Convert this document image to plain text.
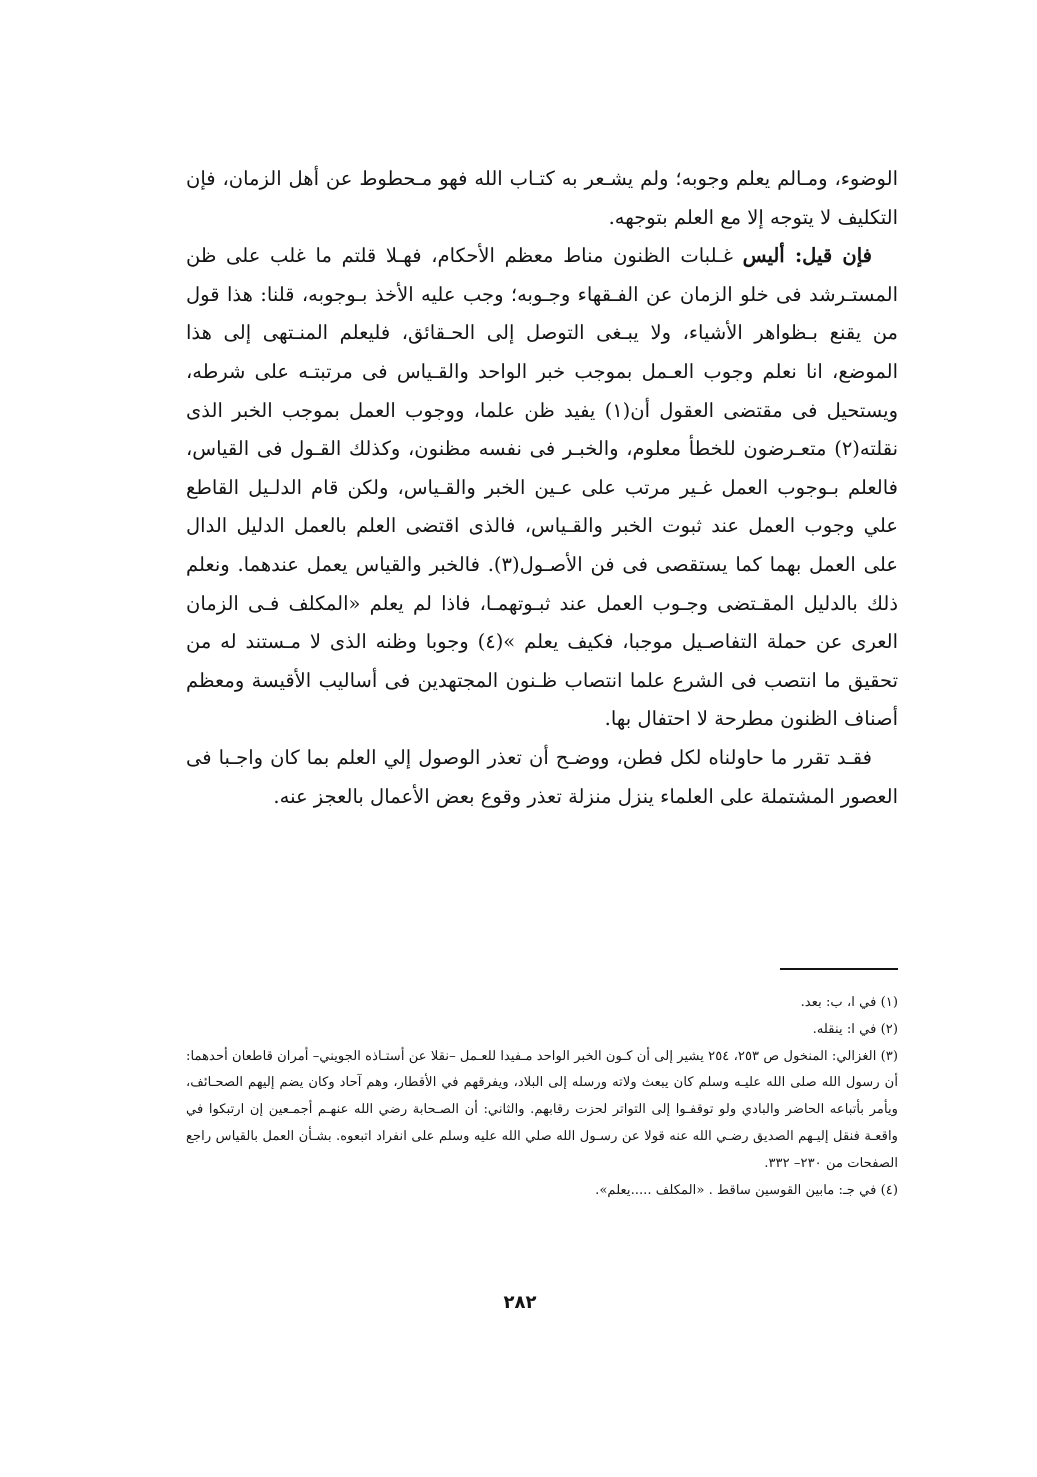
الوضوء، ومـالم يعلم وجوبه؛ ولم يشـعر به كتـاب الله فهو مـحطوط عن أهل الزمان، فإن التكليف لا يتوجه إلا مع العلم بتوجهه.

فإن قيل: أليس غـلبات الظنون مناط معظم الأحكام، فهـلا قلتم ما غلب على ظن المستـرشد فى خلو الزمان عن الفـقهاء وجـوبه؛ وجب عليه الأخذ بـوجوبه، قلنا: هذا قول من يقنع بـظواهر الأشياء، ولا يبـغى التوصل إلى الحـقائق، فليعلم المنـتهى إلى هذا الموضع، انا نعلم وجوب العـمل بموجب خبر الواحد والقـياس فى مرتبتـه على شرطه، ويستحيل فى مقتضى العقول أن(١) يفيد ظن علما، ووجوب العمل بموجب الخبر الذى نقلته(٢) متعـرضون للخطأ معلوم، والخبـر فى نفسه مظنون، وكذلك القـول فى القياس، فالعلم بـوجوب العمل غـير مرتب على عـين الخبر والقـياس، ولكن قام الدلـيل القاطع علي وجوب العمل عند ثبوت الخبر والقـياس، فالذى اقتضى العلم بالعمل الدليل الدال على العمل بهما كما يستقصى فى فن الأصـول(٣). فالخبر والقياس يعمل عندهما. ونعلم ذلك بالدليل المقـتضى وجـوب العمل عند ثبـوتهمـا، فاذا لم يعلم «المكلف فـى الزمان العرى عن حملة التفاصـيل موجبا، فكيف يعلم »(٤) وجوبا وظنه الذى لا مـستند له من تحقيق ما انتصب فى الشرع علما انتصاب ظـنون المجتهدين فى أساليب الأقيسة ومعظم أصناف الظنون مطرحة لا احتفال بها.

فقـد تقرر ما حاولناه لكل فطن، ووضـح أن تعذر الوصول إلي العلم بما كان واجـبا فى العصور المشتملة على العلماء ينزل منزلة تعذر وقوع بعض الأعمال بالعجز عنه.

(١) في ا، ب: بعد.

(٢) في ا: ينقله.

(٣) الغزالي: المنخول ص ٢٥٣، ٢٥٤ يشير إلى أن كـون الخبر الواحد مـفيدا للعـمل –نقلا عن أستـاذه الجويني– أمران قاطعان أحدهما: أن رسول الله صلى الله عليـه وسلم كان يبعث ولاته ورسله إلى البلاد، ويفرقهم في الأقطار، وهم آحاد وكان يضم إليهم الصحـائف، ويأمر بأتباعه الحاضر والبادي ولو توقفـوا إلى التواتر لحزت رقابهم. والثاني: أن الصـحابة رضي الله عنهـم أجمـعين إن ارتبكوا في واقعـة فنقل إليـهم الصديق رضـي الله عنه قولا عن رسـول الله صلي الله عليه وسلم على انفراد اتبعوه. بشـأن العمل بالقياس راجع الصفحات من ٢٣٠– ٣٣٢.

(٤) في جـ: مابين القوسين ساقط . «المكلف .....يعلم».

٢٨٢
